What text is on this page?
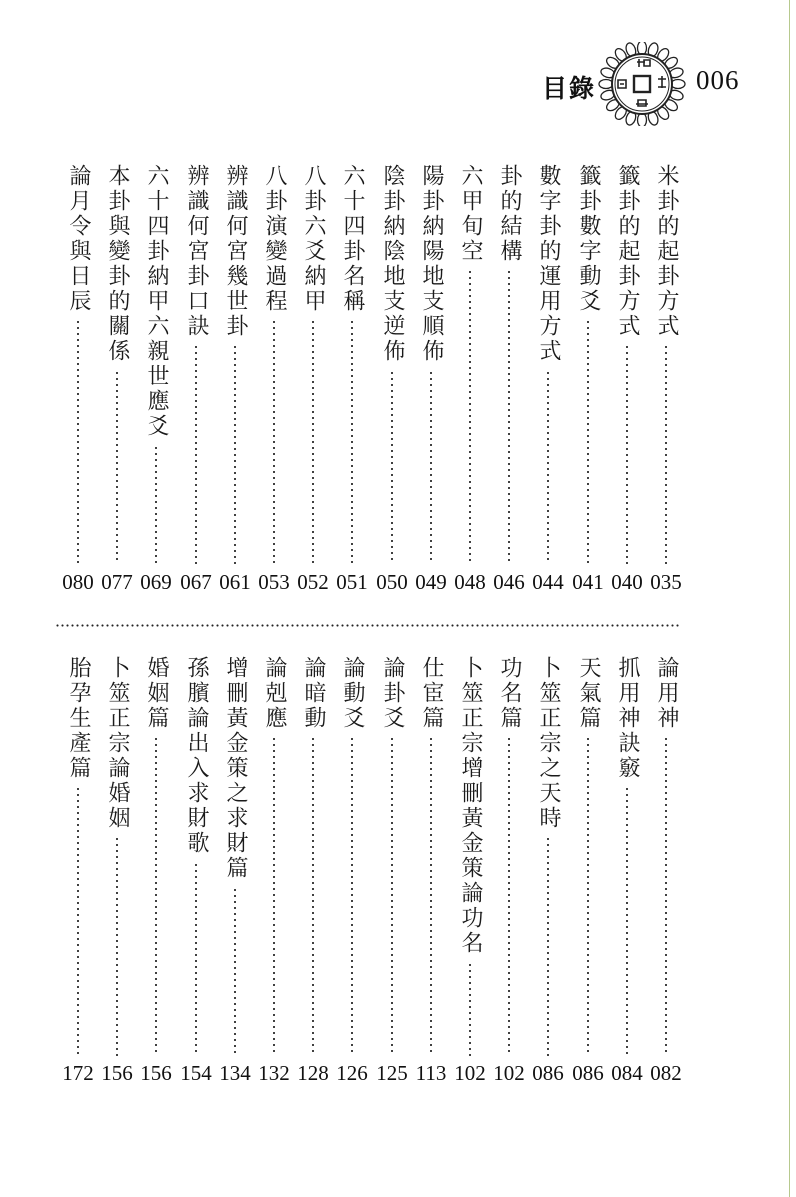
目錄	006
米卦的起卦方式
035
籤卦的起卦方式
040
籤卦數字動爻
041
數字卦的運用方式
044
卦的結構
046
六甲旬空
048
陽卦納陽地支順佈
049
陰卦納陰地支逆佈
050
六十四卦名稱
051
八卦六爻納甲
052
八卦演變過程
053
辨識何宮幾世卦
061
辨識何宮卦口訣
067
六十四卦納甲六親世應爻
069
本卦與變卦的關係
077
論月令與日辰
080
論用神
082
抓用神訣竅
084
天氣篇
086
卜筮正宗之天時
086
功名篇
102
卜筮正宗增刪黃金策論功名
102
仕宦篇
113
論卦爻
125
論動爻
126
論暗動
128
論剋應
132
增刪黃金策之求財篇
134
孫臏論出入求財歌
154
婚姻篇
156
卜筮正宗論婚姻
156
胎孕生產篇
172
